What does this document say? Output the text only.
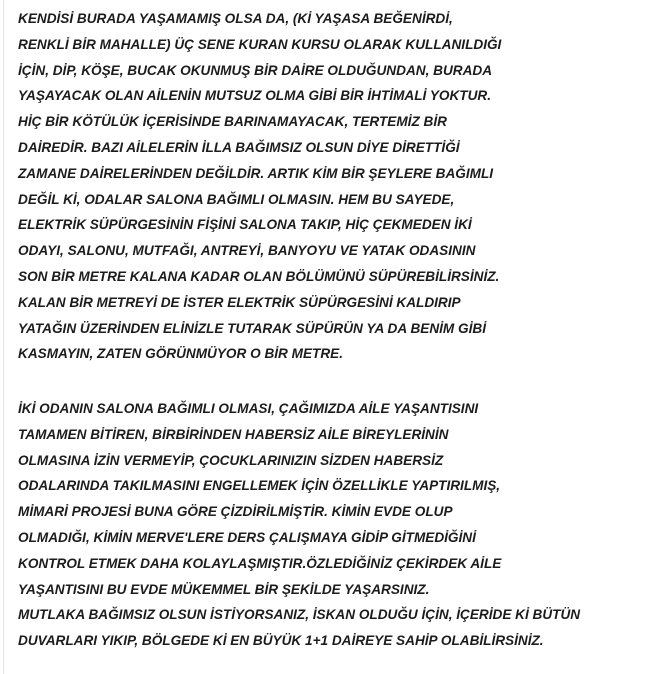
KENDİSİ BURADA YAŞAMAMIŞ OLSA DA, (Kİ YAŞASA BEĞENİRDİ,
RENKLİ BİR MAHALLE) ÜÇ SENE KURAN KURSU OLARAK KULLANILDIĞI
İÇİN, DİP, KÖŞE, BUCAK OKUNMUŞ BİR DAİRE OLDUĞUNDAN, BURADA
YAŞAYACAK OLAN AİLENİN MUTSUZ OLMA GİBİ BİR İHTİMALİ YOKTUR.
HİÇ BİR KÖTÜLÜK İÇERİSİNDE BARINAMAYACAK, TERTEMİZ BİR
DAİREDİR. BAZI AİLELERİN İLLA BAĞIMSIZ OLSUN DİYE DİRETTİĞİ
ZAMANE DAİRELERİNDEN DEĞİLDİR. ARTIK KİM BİR ŞEYLERE BAĞIMLI
DEĞİL Kİ, ODALAR SALONA BAĞIMLI OLMASIN. HEM BU SAYEDE,
ELEKTRİK SÜPÜRGESİNİN FİŞİNİ SALONA TAKIP, HİÇ ÇEKMEDEN İKİ
ODAYI, SALONU, MUTFAĞI, ANTREYİ, BANYOYU VE YATAK ODASININ
SON BİR METRE KALANA KADAR OLAN BÖLÜMÜNÜ SÜPÜREBİLİRSİNİZ.
KALAN BİR METREYİ DE İSTER ELEKTRİK SÜPÜRGESİNİ KALDIRIP
YATAĞIN ÜZERİNDEN ELİNİZLE TUTARAK SÜPÜRÜN YA DA BENİM GİBİ
KASMAYIN, ZATEN GÖRÜNMÜYOR O BİR METRE.
İKİ ODANIN SALONA BAĞIMLI OLMASI, ÇAĞIMIZDA AİLE YAŞANTISINI
TAMAMEN BİTİREN, BİRBİRİNDEN HABERSİZ AİLE BİREYLERİNİN
OLMASINA İZİN VERMEYİP, ÇOCUKLARINIZIN SİZDEN HABERSİZ
ODALARINDA TAKILMASINI ENGELLEMEK İÇİN ÖZELLİKLE YAPTIRILMIŞ,
MİMARİ PROJESİ BUNA GÖRE ÇİZDİRİLMİŞTİR. KİMİN EVDE OLUP
OLMADIĞI, KİMİN MERVE'LERE DERS ÇALIŞMAYA GİDİP GİTMEDİĞİNİ
KONTROL ETMEK DAHA KOLAYLAŞMIŞTIR.ÖZLEDİĞİNİZ ÇEKİRDEK AİLE
YAŞANTISINI BU EVDE MÜKEMMEL BİR ŞEKİLDE YAŞARSINIZ.
MUTLAKA BAĞIMSIZ OLSUN İSTİYORSANIZ, İSKAN OLDUĞU İÇİN, İÇERİDE Kİ BÜTÜN
DUVARLARI YIKIP, BÖLGEDE Kİ EN BÜYÜK 1+1 DAİREYE SAHİP OLABİLİRSİNİZ.
